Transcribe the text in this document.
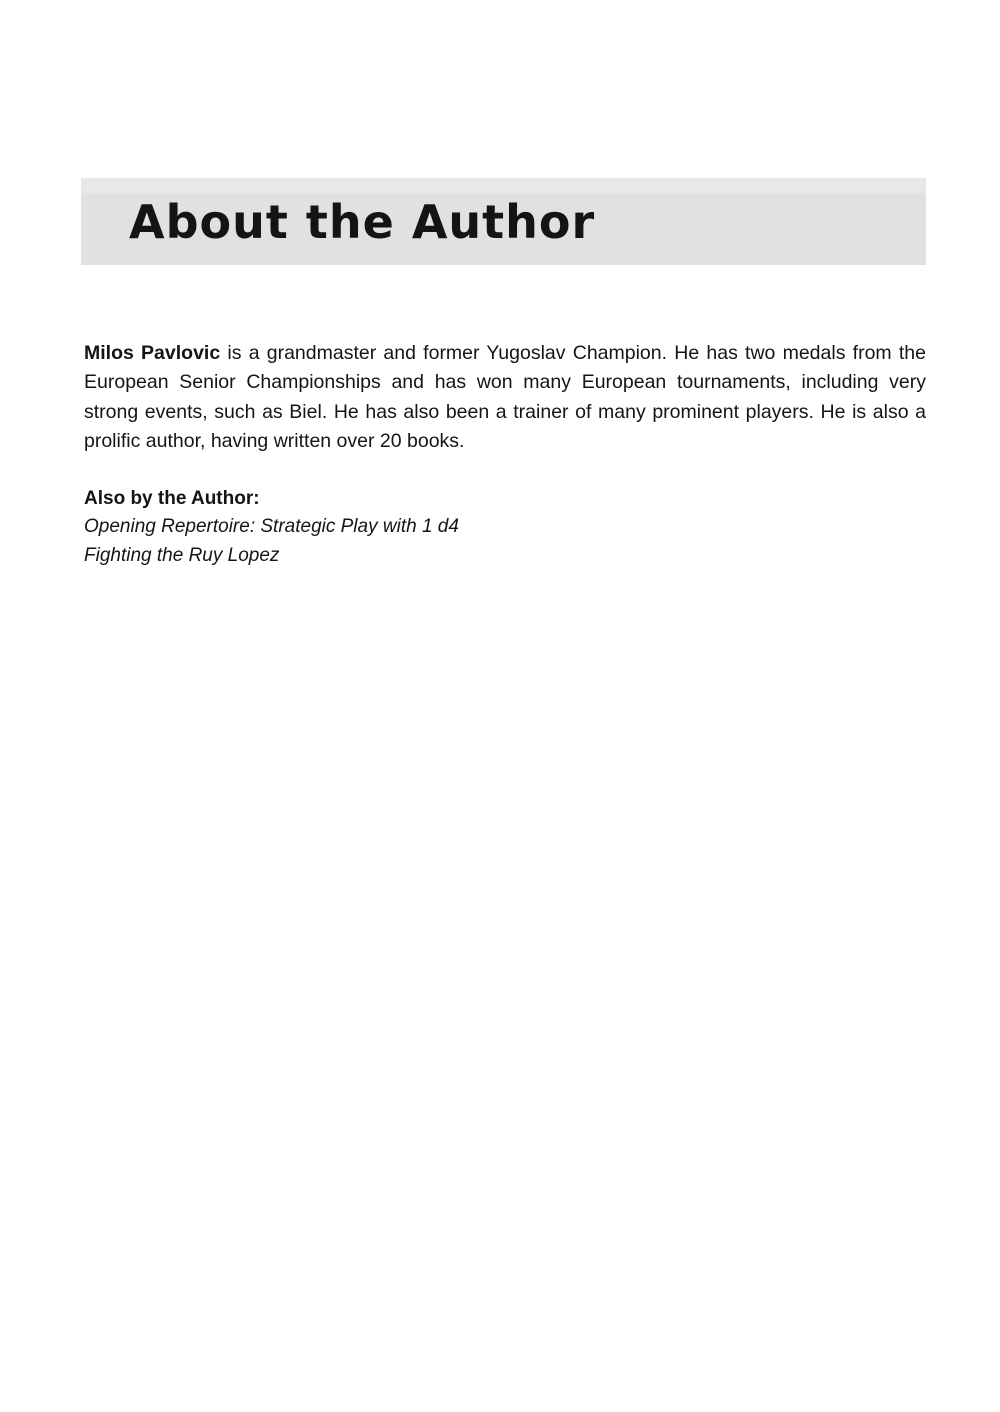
About the Author

Milos Pavlovic is a grandmaster and former Yugoslav Champion. He has two medals from the European Senior Championships and has won many European tournaments, including very strong events, such as Biel. He has also been a trainer of many prominent players. He is also a prolific author, having written over 20 books.

Also by the Author:
Opening Repertoire: Strategic Play with 1 d4
Fighting the Ruy Lopez
